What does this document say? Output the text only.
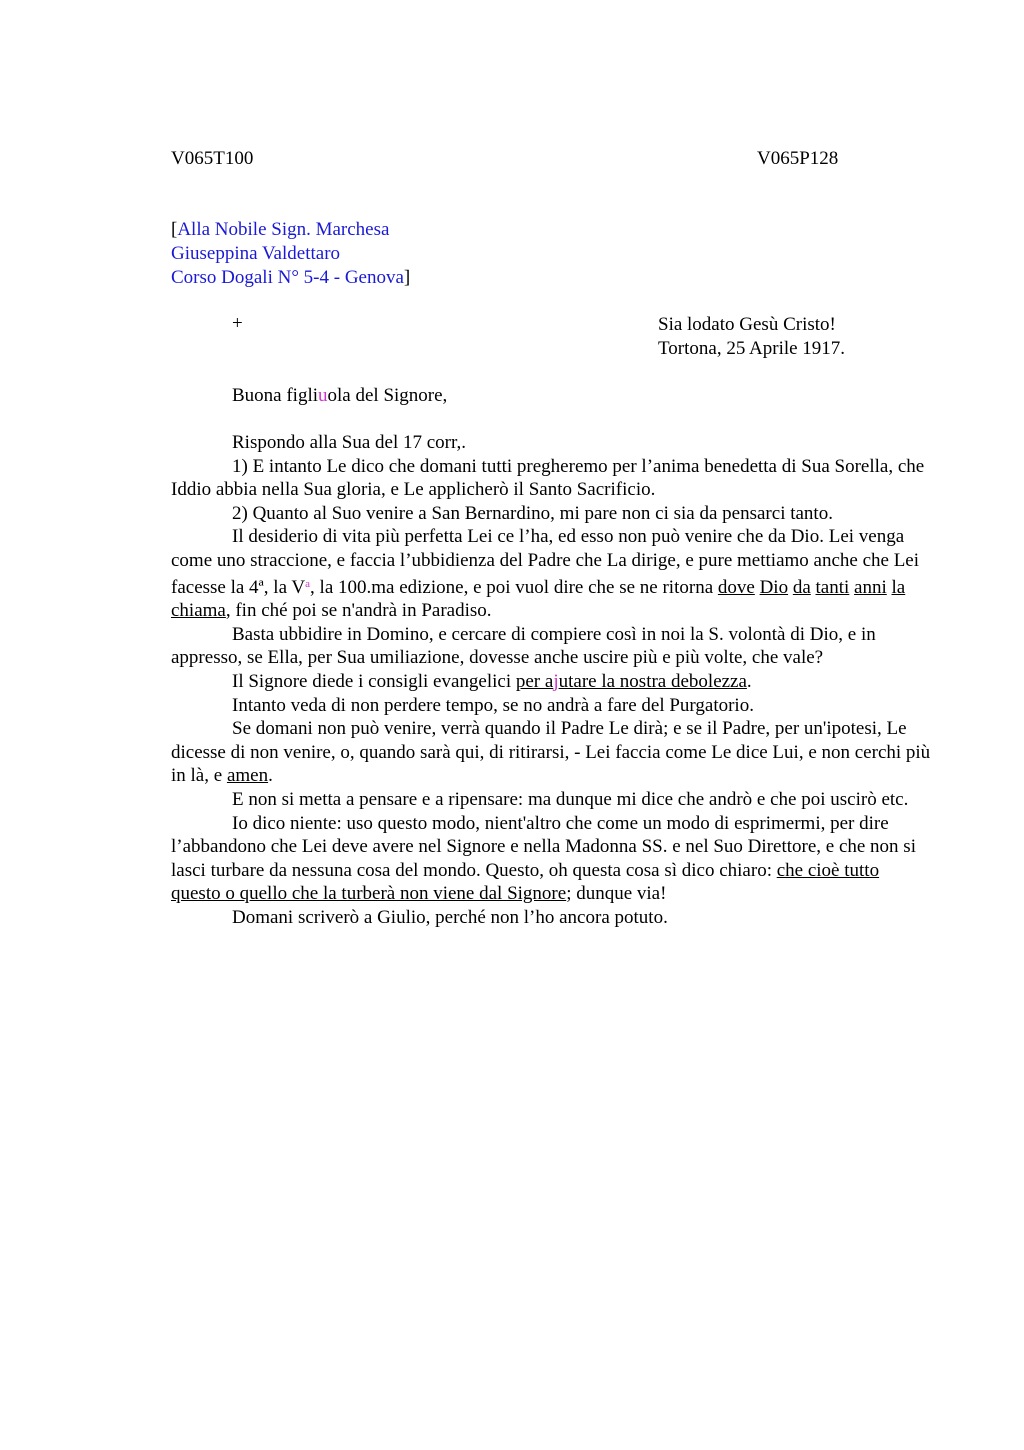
V065T100	V065P128
[Alla Nobile Sign. Marchesa
Giuseppina Valdettaro
Corso Dogali N° 5-4 - Genova]
+	Sia lodato Gesù Cristo!
Tortona, 25 Aprile 1917.
Buona figliuola del Signore,

Rispondo alla Sua del 17 corr,.

1) E intanto Le dico che domani tutti pregheremo per l’anima benedetta di Sua Sorella, che Iddio abbia nella Sua gloria, e Le applicherò il Santo Sacrificio.

2) Quanto al Suo venire a San Bernardino, mi pare non ci sia da pensarci tanto.

Il desiderio di vita più perfetta Lei ce l’ha, ed esso non può venire che da Dio. Lei venga come uno straccione, e faccia l’ubbidienza del Padre che La dirige, e pure mettiamo anche che Lei facesse la 4ª, la $V^a$, la 100.ma edizione, e poi vuol dire che se ne ritorna dove Dio da tanti anni la chiama, fin ché poi se n'andrà in Paradiso.

Basta ubbidire in Domino, e cercare di compiere così in noi la S. volontà di Dio, e in appresso, se Ella, per Sua umiliazione, dovesse anche uscire più e più volte, che vale?

Il Signore diede i consigli evangelici per ajutare la nostra debolezza.

Intanto veda di non perdere tempo, se no andrà a fare del Purgatorio.

Se domani non può venire, verrà quando il Padre Le dirà; e se il Padre, per un'ipotesi, Le dicesse di non venire, o, quando sarà qui, di ritirarsi, - Lei faccia come Le dice Lui, e non cerchi più in là, e amen.

E non si metta a pensare e a ripensare: ma dunque mi dice che andrò e che poi uscirò etc.

Io dico niente: uso questo modo, nient'altro che come un modo di esprimermi, per dire l’abbandono che Lei deve avere nel Signore e nella Madonna SS. e nel Suo Direttore, e che non si lasci turbare da nessuna cosa del mondo. Questo, oh questa cosa sì dico chiaro: che cioè tutto questo o quello che la turberà non viene dal Signore; dunque via!

Domani scriverò a Giulio, perché non l’ho ancora potuto.
